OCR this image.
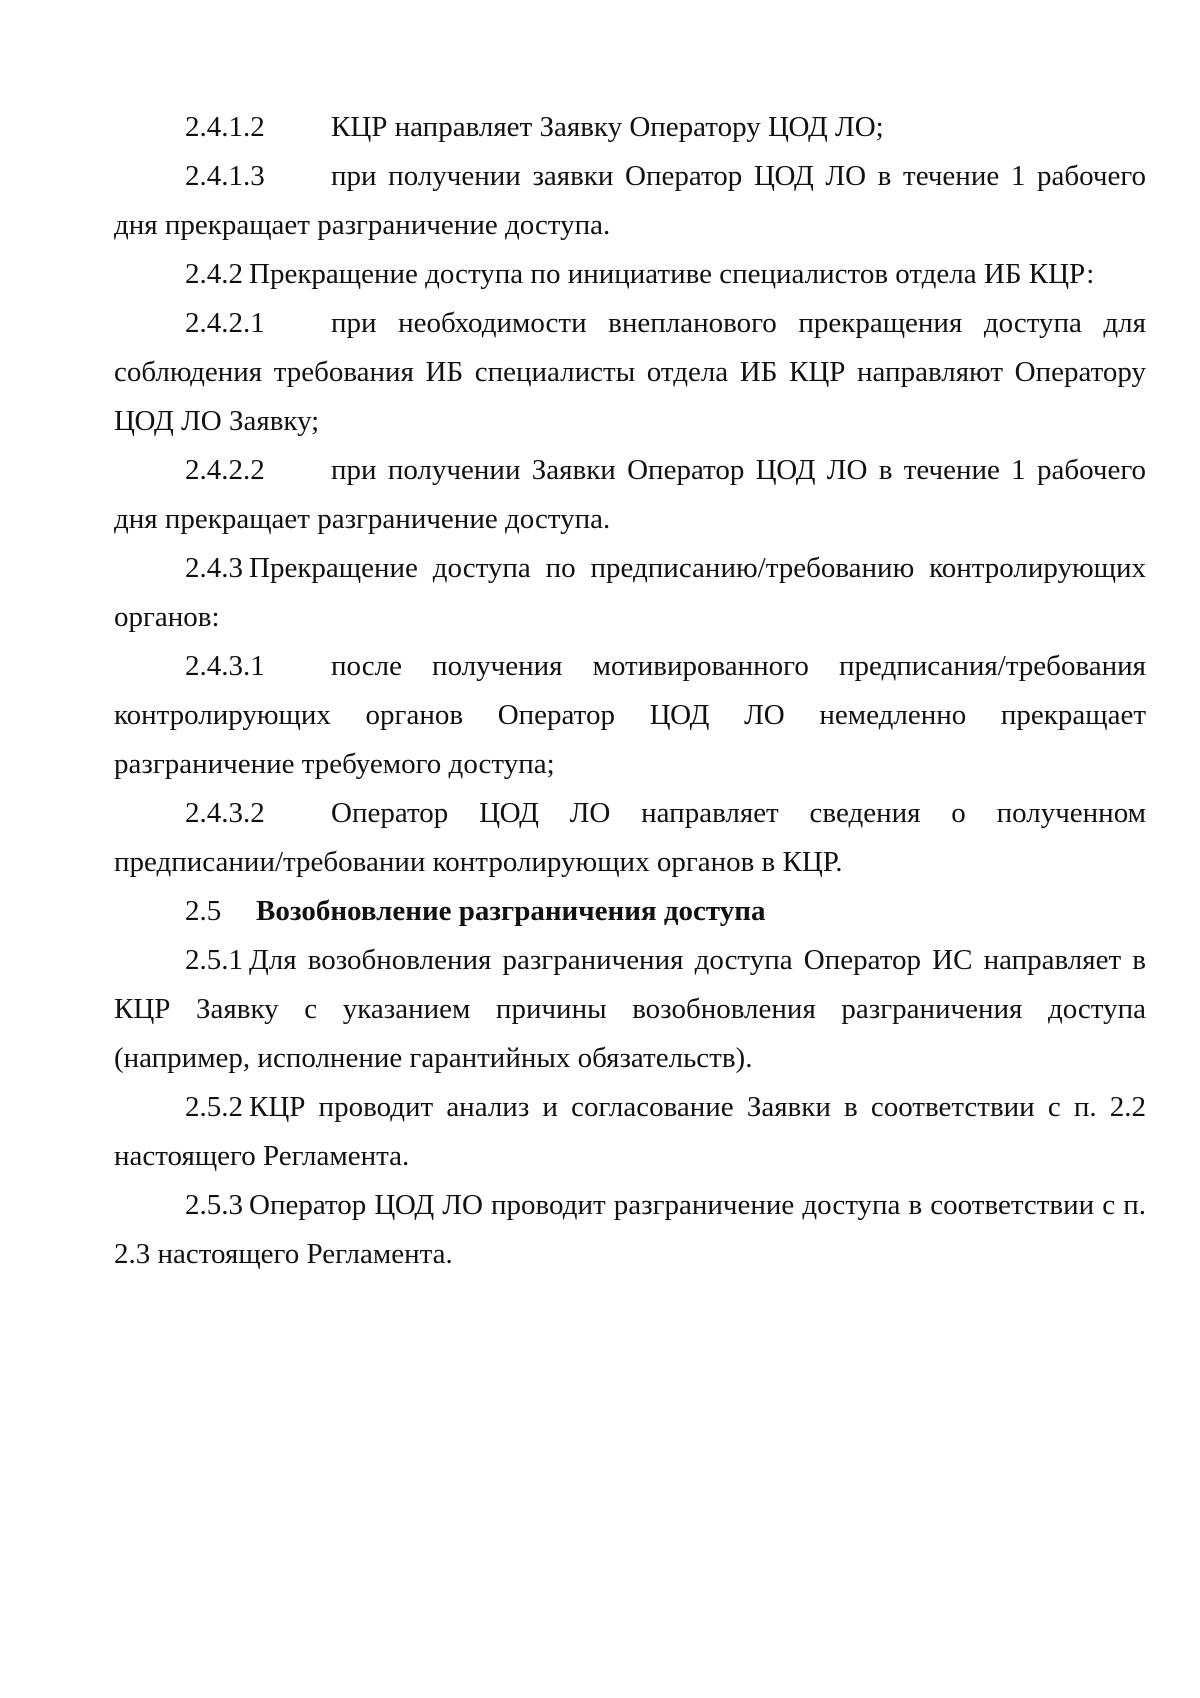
2.4.1.2 КЦР направляет Заявку Оператору ЦОД ЛО;

2.4.1.3 при получении заявки Оператор ЦОД ЛО в течение 1 рабочего дня прекращает разграничение доступа.

2.4.2 Прекращение доступа по инициативе специалистов отдела ИБ КЦР:

2.4.2.1 при необходимости внепланового прекращения доступа для соблюдения требования ИБ специалисты отдела ИБ КЦР направляют Оператору ЦОД ЛО Заявку;

2.4.2.2 при получении Заявки Оператор ЦОД ЛО в течение 1 рабочего дня прекращает разграничение доступа.

2.4.3 Прекращение доступа по предписанию/требованию контролирующих органов:

2.4.3.1 после получения мотивированного предписания/требования контролирующих органов Оператор ЦОД ЛО немедленно прекращает разграничение требуемого доступа;

2.4.3.2 Оператор ЦОД ЛО направляет сведения о полученном предписании/требовании контролирующих органов в КЦР.

2.5 Возобновление разграничения доступа

2.5.1 Для возобновления разграничения доступа Оператор ИС направляет в КЦР Заявку с указанием причины возобновления разграничения доступа (например, исполнение гарантийных обязательств).

2.5.2 КЦР проводит анализ и согласование Заявки в соответствии с п. 2.2 настоящего Регламента.

2.5.3 Оператор ЦОД ЛО проводит разграничение доступа в соответствии с п. 2.3 настоящего Регламента.
